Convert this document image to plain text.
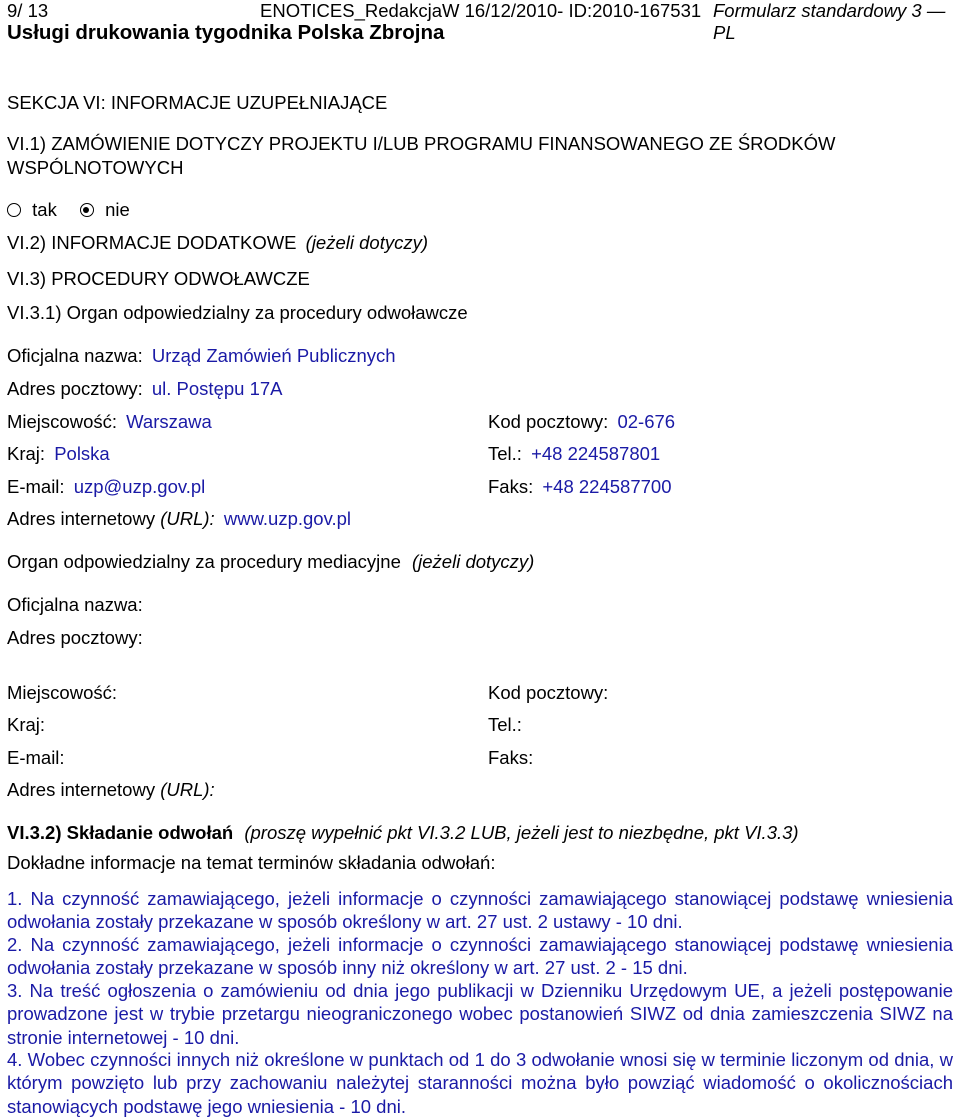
9/ 13	ENOTICES_RedakcjaW 16/12/2010- ID:2010-167531 Formularz standardowy 3 — PL
Usługi drukowania tygodnika Polska Zbrojna
SEKCJA VI: INFORMACJE UZUPEŁNIAJĄCE
VI.1) ZAMÓWIENIE DOTYCZY PROJEKTU I/LUB PROGRAMU FINANSOWANEGO ZE ŚRODKÓW
WSPÓLNOTOWYCH
tak	nie
VI.2) INFORMACJE DODATKOWE (jeżeli dotyczy)
VI.3) PROCEDURY ODWOŁAWCZE
VI.3.1) Organ odpowiedzialny za procedury odwoławcze
Oficjalna nazwa: Urząd Zamówień Publicznych
Adres pocztowy: ul. Postępu 17A
Miejscowość: Warszawa	Kod pocztowy: 02-676
Kraj: Polska	Tel.: +48 224587801
E-mail: uzp@uzp.gov.pl	Faks: +48 224587700
Adres internetowy (URL): www.uzp.gov.pl
Organ odpowiedzialny za procedury mediacyjne (jeżeli dotyczy)
Oficjalna nazwa:
Adres pocztowy:
Miejscowość:	Kod pocztowy:
Kraj:	Tel.:
E-mail:	Faks:
Adres internetowy (URL):
VI.3.2) Składanie odwołań (proszę wypełnić pkt VI.3.2 LUB, jeżeli jest to niezbędne, pkt VI.3.3)
Dokładne informacje na temat terminów składania odwołań:
1. Na czynność zamawiającego, jeżeli informacje o czynności zamawiającego stanowiącej podstawę wniesienia odwołania zostały przekazane w sposób określony w art. 27 ust. 2 ustawy - 10 dni.
2. Na czynność zamawiającego, jeżeli informacje o czynności zamawiającego stanowiącej podstawę wniesienia odwołania zostały przekazane w sposób inny niż określony w art. 27 ust. 2 - 15 dni.
3. Na treść ogłoszenia o zamówieniu od dnia jego publikacji w Dzienniku Urzędowym UE, a jeżeli postępowanie prowadzone jest w trybie przetargu nieograniczonego wobec postanowień SIWZ od dnia zamieszczenia SIWZ na stronie internetowej - 10 dni.
4. Wobec czynności innych niż określone w punktach od 1 do 3 odwołanie wnosi się w terminie liczonym od dnia, w którym powzięto lub przy zachowaniu należytej staranności można było powziąć wiadomość o okolicznościach stanowiących podstawę jego wniesienia - 10 dni.
